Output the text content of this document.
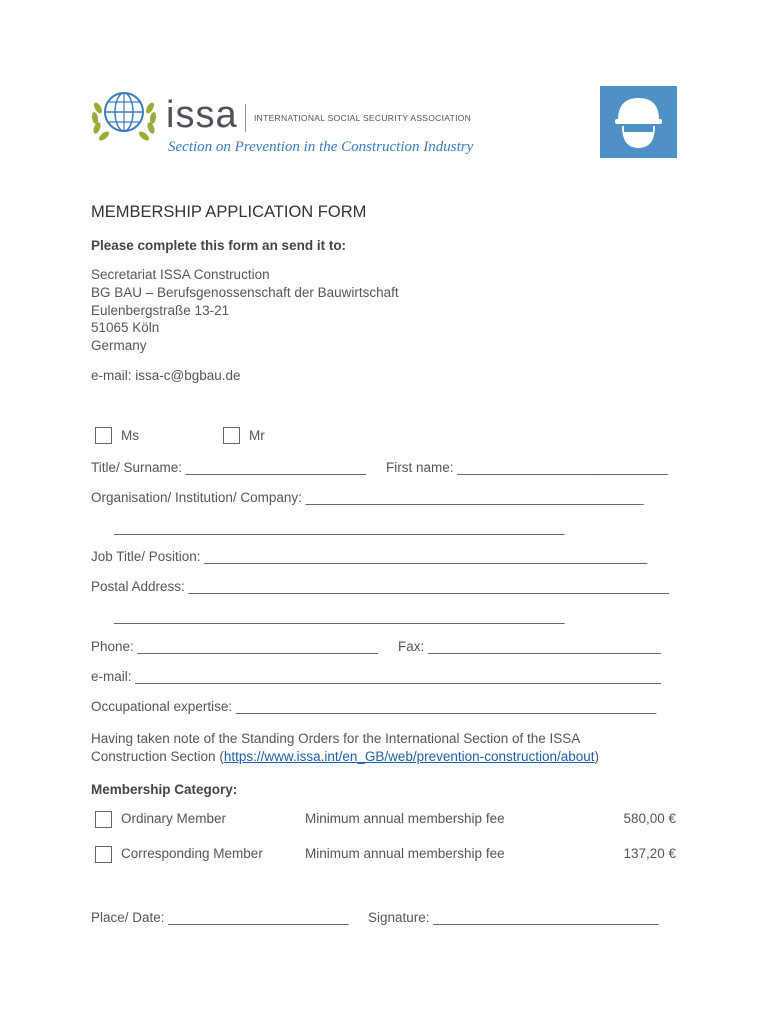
issa INTERNATIONAL SOCIAL SECURITY ASSOCIATION
Section on Prevention in the Construction Industry
MEMBERSHIP APPLICATION FORM
Please complete this form an send it to:
Secretariat ISSA Construction
BG BAU – Berufsgenossenschaft der Bauwirtschaft
Eulenbergstraße 13-21
51065 Köln
Germany
e-mail: issa-c@bgbau.de
Ms	Mr
Title/ Surname: ________________________ First name: ____________________________
Organisation/ Institution/ Company: _____________________________________________
____________________________________________________________
Job Title/ Position: ___________________________________________________________
Postal Address: ________________________________________________________________
____________________________________________________________
Phone: ________________________________ Fax: _______________________________
e-mail: ______________________________________________________________________
Occupational expertise: ________________________________________________________
Having taken note of the Standing Orders for the International Section of the ISSA
Construction Section (https://www.issa.int/en_GB/web/prevention-construction/about)
Membership Category:
Ordinary Member	Minimum annual membership fee	580,00 €
Corresponding Member	Minimum annual membership fee	137,20 €
Place/ Date: ________________________ Signature: ______________________________
